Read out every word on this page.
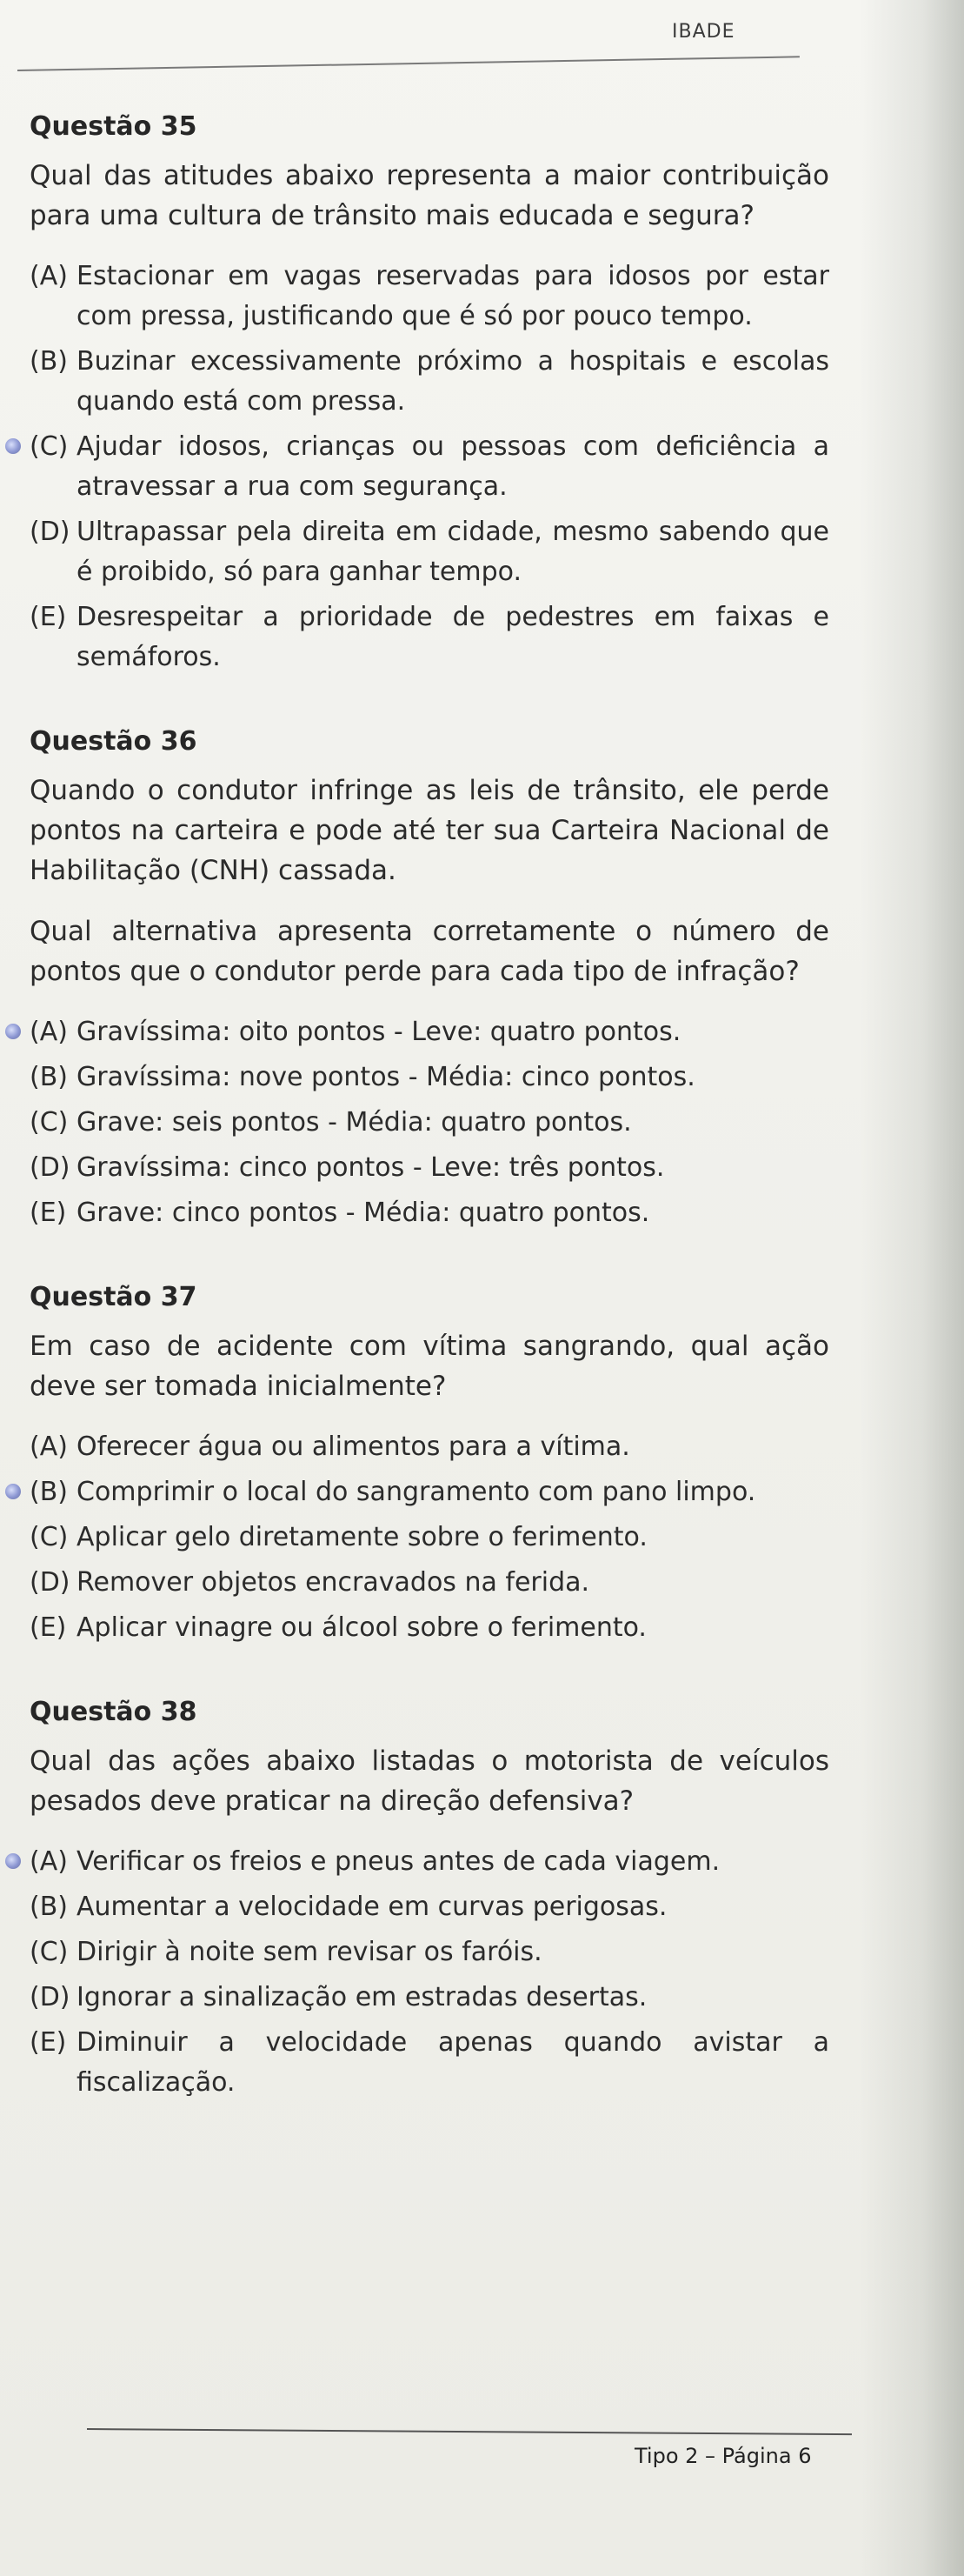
IBADE
Questão 35
Qual das atitudes abaixo representa a maior contribuição para uma cultura de trânsito mais educada e segura?
(A) Estacionar em vagas reservadas para idosos por estar com pressa, justificando que é só por pouco tempo.
(B) Buzinar excessivamente próximo a hospitais e escolas quando está com pressa.
(C) Ajudar idosos, crianças ou pessoas com deficiência a atravessar a rua com segurança.
(D) Ultrapassar pela direita em cidade, mesmo sabendo que é proibido, só para ganhar tempo.
(E) Desrespeitar a prioridade de pedestres em faixas e semáforos.
Questão 36
Quando o condutor infringe as leis de trânsito, ele perde pontos na carteira e pode até ter sua Carteira Nacional de Habilitação (CNH) cassada.
Qual alternativa apresenta corretamente o número de pontos que o condutor perde para cada tipo de infração?
(A) Gravíssima: oito pontos - Leve: quatro pontos.
(B) Gravíssima: nove pontos - Média: cinco pontos.
(C) Grave: seis pontos - Média: quatro pontos.
(D) Gravíssima: cinco pontos - Leve: três pontos.
(E) Grave: cinco pontos - Média: quatro pontos.
Questão 37
Em caso de acidente com vítima sangrando, qual ação deve ser tomada inicialmente?
(A) Oferecer água ou alimentos para a vítima.
(B) Comprimir o local do sangramento com pano limpo.
(C) Aplicar gelo diretamente sobre o ferimento.
(D) Remover objetos encravados na ferida.
(E) Aplicar vinagre ou álcool sobre o ferimento.
Questão 38
Qual das ações abaixo listadas o motorista de veículos pesados deve praticar na direção defensiva?
(A) Verificar os freios e pneus antes de cada viagem.
(B) Aumentar a velocidade em curvas perigosas.
(C) Dirigir à noite sem revisar os faróis.
(D) Ignorar a sinalização em estradas desertas.
(E) Diminuir a velocidade apenas quando avistar a fiscalização.
Tipo 2 – Página 6
